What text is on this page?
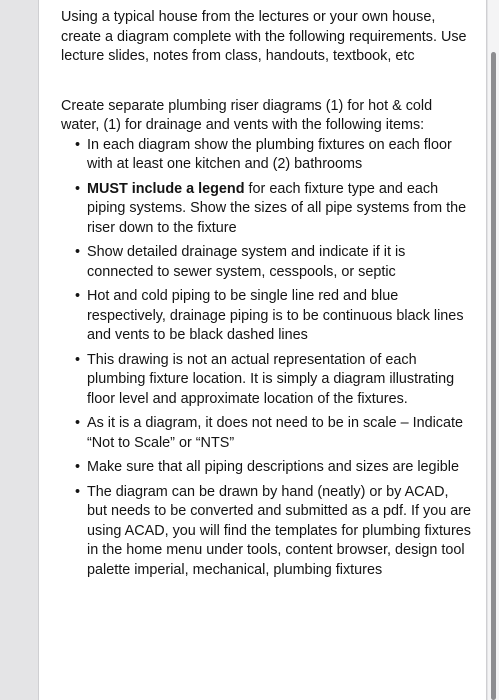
Using a typical house from the lectures or your own house, create a diagram complete with the following requirements. Use lecture slides, notes from class, handouts, textbook, etc

Create separate plumbing riser diagrams (1) for hot & cold water, (1) for drainage and vents with the following items:

• In each diagram show the plumbing fixtures on each floor with at least one kitchen and (2) bathrooms
• MUST include a legend for each fixture type and each piping systems. Show the sizes of all pipe systems from the riser down to the fixture
• Show detailed drainage system and indicate if it is connected to sewer system, cesspools, or septic
• Hot and cold piping to be single line red and blue respectively, drainage piping is to be continuous black lines and vents to be black dashed lines
• This drawing is not an actual representation of each plumbing fixture location. It is simply a diagram illustrating floor level and approximate location of the fixtures.
• As it is a diagram, it does not need to be in scale – Indicate “Not to Scale” or “NTS”
• Make sure that all piping descriptions and sizes are legible
• The diagram can be drawn by hand (neatly) or by ACAD, but needs to be converted and submitted as a pdf. If you are using ACAD, you will find the templates for plumbing fixtures in the home menu under tools, content browser, design tool palette imperial, mechanical, plumbing fixtures
